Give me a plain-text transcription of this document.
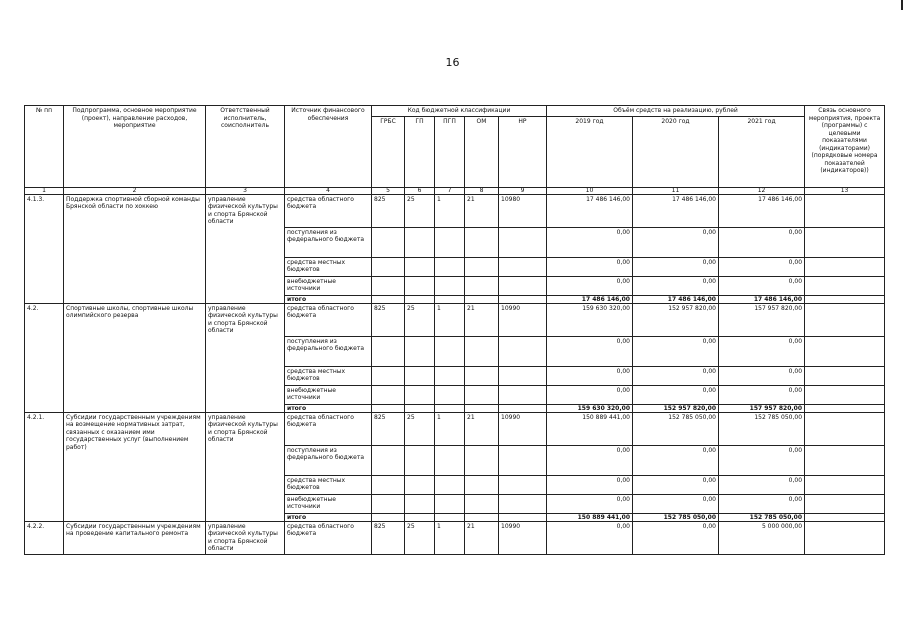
16
№ пп	Подпрограмма, основное мероприятие (проект), направление расходов, мероприятие	Ответственный исполнитель, соисполнитель	Источник финансового обеспечения	Код бюджетной классификации					Объём средств на реализацию, рублей			Связь основного мероприятия, проекта (программы) с целевыми показателями (индикаторами) (порядковые номера показателей (индикаторов))
				ГРБС	ГП	ПГП	ОМ	НР	2019 год	2020 год	2021 год	
1	2	3	4	5	6	7	8	9	10	11	12	13
4.1.3.	Поддержка спортивной сборной команды Брянской области по хоккею	управление физической культуры и спорта Брянской области	средства областного бюджета	825	25	1	21	10980	17 486 146,00	17 486 146,00	17 486 146,00	
			поступления из федерального бюджета						0,00	0,00	0,00	
			средства местных бюджетов						0,00	0,00	0,00	
			внебюджетные источники						0,00	0,00	0,00	
			итого						17 486 146,00	17 486 146,00	17 486 146,00	
4.2.	Спортивные школы, спортивные школы олимпийского резерва	управление физической культуры и спорта Брянской области	средства областного бюджета	825	25	1	21	10990	159 630 320,00	152 957 820,00	157 957 820,00	
			поступления из федерального бюджета						0,00	0,00	0,00	
			средства местных бюджетов						0,00	0,00	0,00	
			внебюджетные источники						0,00	0,00	0,00	
			итого						159 630 320,00	152 957 820,00	157 957 820,00	
4.2.1.	Субсидии государственным учреждениям на возмещение нормативных затрат, связанных с оказанием ими государственных услуг (выполнением работ)	управление физической культуры и спорта Брянской области	средства областного бюджета	825	25	1	21	10990	150 889 441,00	152 785 050,00	152 785 050,00	
			поступления из федерального бюджета						0,00	0,00	0,00	
			средства местных бюджетов						0,00	0,00	0,00	
			внебюджетные источники						0,00	0,00	0,00	
			итого						150 889 441,00	152 785 050,00	152 785 050,00	
4.2.2.	Субсидии государственным учреждениям на проведение капитального ремонта	управление физической культуры и спорта Брянской области	средства областного бюджета	825	25	1	21	10990	0,00	0,00	5 000 000,00	
